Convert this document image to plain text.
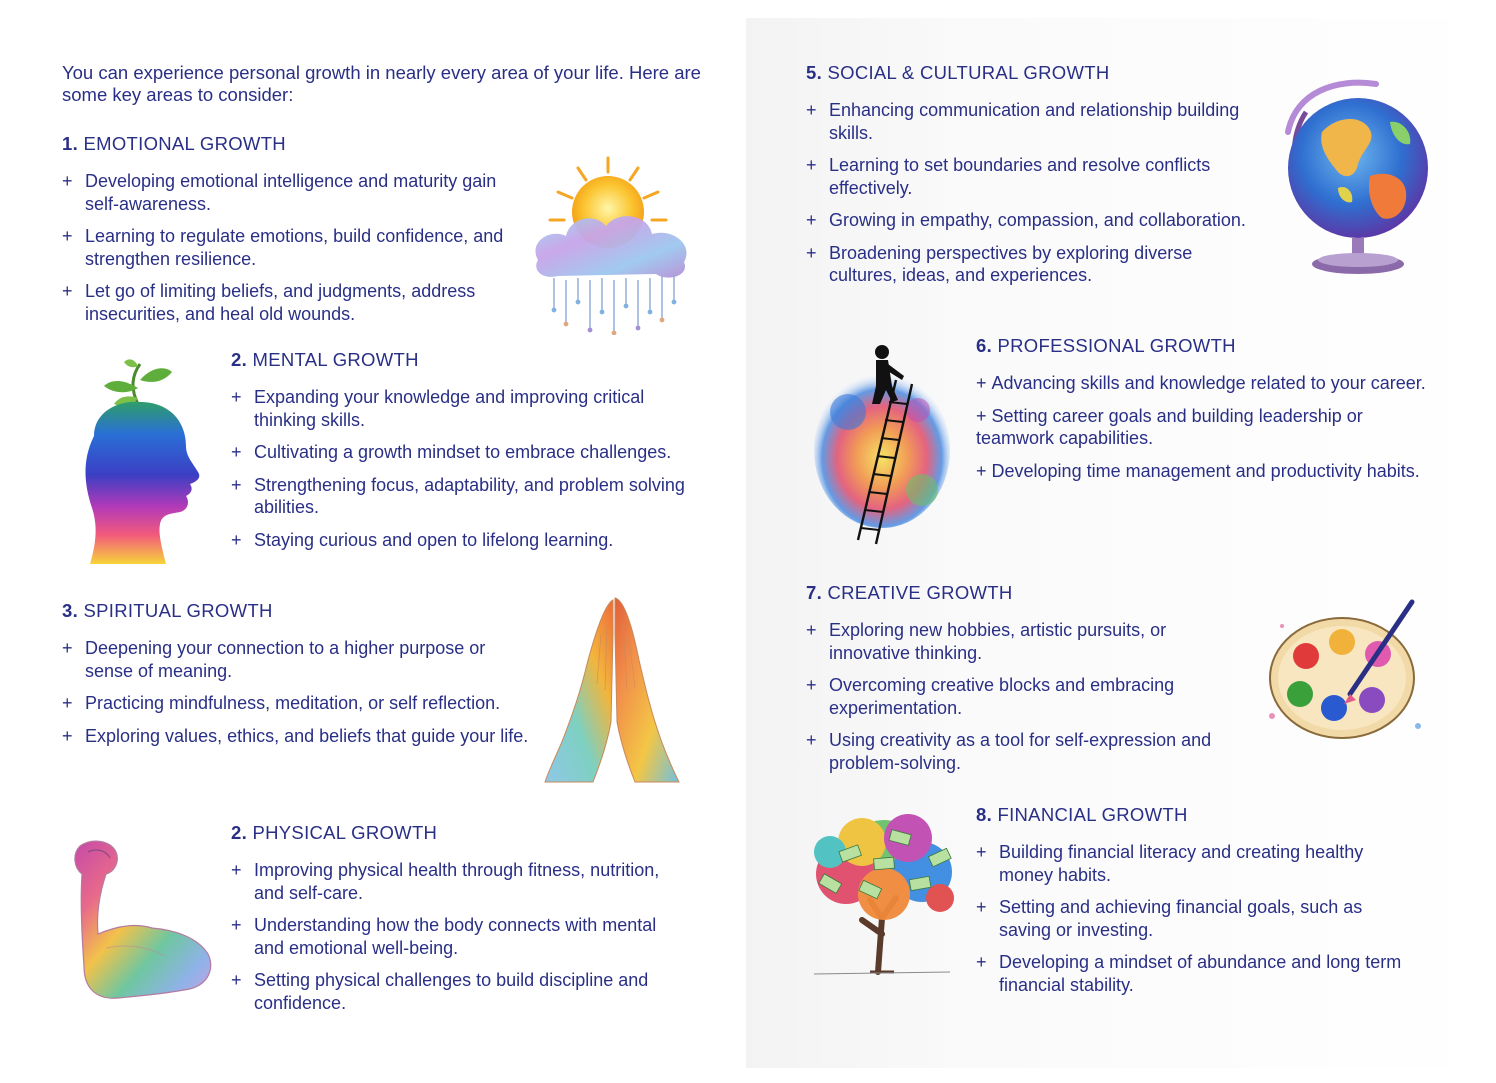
You can experience personal growth in nearly every area of your life. Here are some key areas to consider:

1. EMOTIONAL GROWTH
+ Developing emotional intelligence and maturity gain self-awareness.
+ Learning to regulate emotions, build confidence, and strengthen resilience.
+ Let go of limiting beliefs, and judgments, address insecurities, and heal old wounds.
2. MENTAL GROWTH
+ Expanding your knowledge and improving critical thinking skills.
+ Cultivating a growth mindset to embrace challenges.
+ Strengthening focus, adaptability, and problem solving abilities.
+ Staying curious and open to lifelong learning.
3. SPIRITUAL GROWTH
+ Deepening your connection to a higher purpose or sense of meaning.
+ Practicing mindfulness, meditation, or self reflection.
+ Exploring values, ethics, and beliefs that guide your life.
2. PHYSICAL GROWTH
+ Improving physical health through fitness, nutrition, and self-care.
+ Understanding how the body connects with mental and emotional well-being.
+ Setting physical challenges to build discipline and confidence.
5. SOCIAL & CULTURAL GROWTH
+ Enhancing communication and relationship building skills.
+ Learning to set boundaries and resolve conflicts effectively.
+ Growing in empathy, compassion, and collaboration.
+ Broadening perspectives by exploring diverse cultures, ideas, and experiences.
6. PROFESSIONAL GROWTH
+ Advancing skills and knowledge related to your career.
+ Setting career goals and building leadership or teamwork capabilities.
+ Developing time management and productivity habits.
7. CREATIVE GROWTH
+ Exploring new hobbies, artistic pursuits, or innovative thinking.
+ Overcoming creative blocks and embracing experimentation.
+ Using creativity as a tool for self-expression and problem-solving.
8. FINANCIAL GROWTH
+ Building financial literacy and creating healthy money habits.
+ Setting and achieving financial goals, such as saving or investing.
+ Developing a mindset of abundance and long term financial stability.
